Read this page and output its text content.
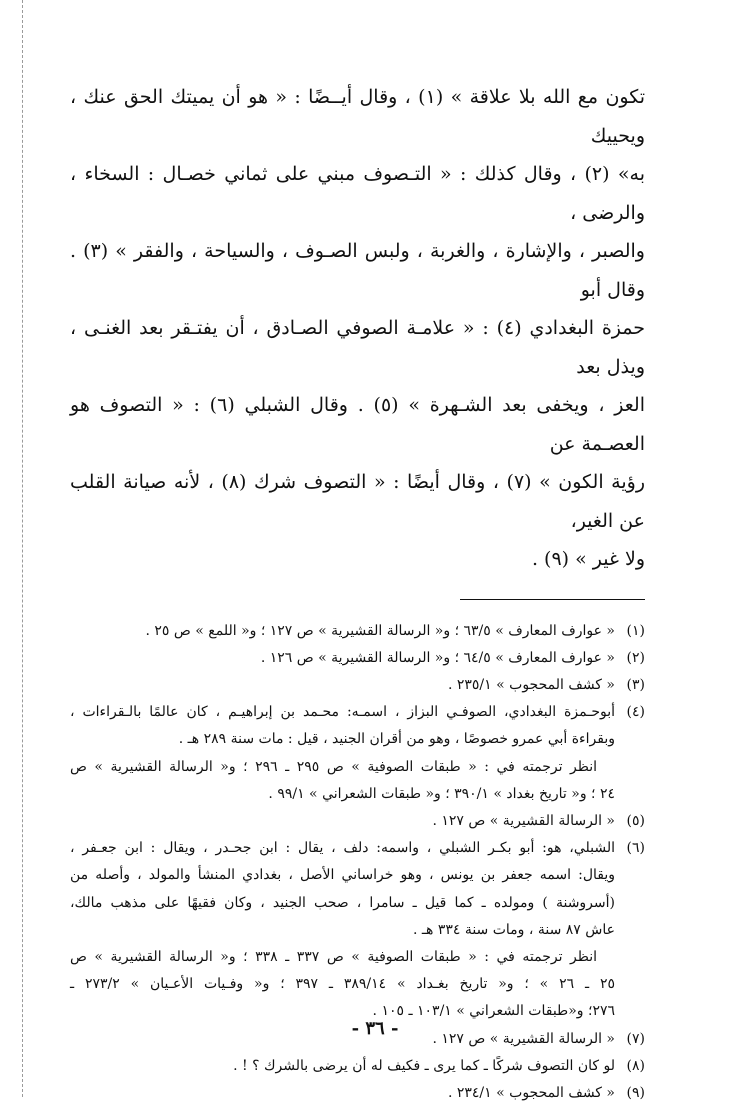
تكون مع الله بلا علاقة » (١) ، وقال أيــضًا : « هو أن يميتك الحق عنك ، ويحييك

به» (٢) ، وقال كذلك : « التـصوف مبني على ثماني خصـال : السخاء ، والرضى ،

والصبر ، والإشارة ، والغربة ، ولبس الصـوف ، والسياحة ، والفقر » (٣) . وقال أبو

حمزة البغدادي (٤) : « علامـة الصوفي الصـادق ، أن يفتـقر بعد الغنـى ، ويذل بعد

العز ، ويخفى بعد الشـهرة » (٥) . وقال الشبلي (٦) : « التصوف هو العصـمة عن

رؤية الكون » (٧) ، وقال أيضًا : « التصوف شرك (٨) ، لأنه صيانة القلب عن الغير،

ولا غير » (٩) .

(١)
« عوارف المعارف » ٦٣/٥ ؛ و« الرسالة القشيرية » ص ١٢٧ ؛ و« اللمع » ص ٢٥ .
(٢)
« عوارف المعارف » ٦٤/٥ ؛ و« الرسالة القشيرية » ص ١٢٦ .
(٣)
« كشف المحجوب » ٢٣٥/١ .
(٤)
أبوحـمزة البغدادي، الصوفـي البزاز ، اسمـه: محـمد بن إبراهيـم ، كان عالمًا بالـقراءات ،
وبقراءة أبي عمرو خصوصًا ، وهو من أقران الجنيد ، قيل : مات سنة ٢٨٩ هـ .
انظر ترجمته في : « طبقات الصوفية » ص ٢٩٥ ـ ٢٩٦ ؛ و« الرسالة القشيرية » ص
٢٤ ؛ و« تاريخ بغداد » ٣٩٠/١ ؛ و« طبقات الشعراني » ٩٩/١ .
(٥)
« الرسالة القشيرية » ص ١٢٧ .
(٦)
الشبلي، هو: أبو بكـر الشبلي ، واسمه: دلف ، يقال : ابن جحـدر ، ويقال : ابن جعـفر ،
ويقال: اسمه جعفر بن يونس ، وهو خراساني الأصل ، بغدادي المنشأ والمولد ، وأصله من
(أسروشنة ) ومولده ـ كما قيل ـ سامرا ، صحب الجنيد ، وكان فقيهًا على مذهب مالك،
عاش ٨٧ سنة ، ومات سنة ٣٣٤ هـ .
انظر ترجمته في : « طبقات الصوفية » ص ٣٣٧ ـ ٣٣٨ ؛ و« الرسالة القشيرية » ص
٢٥ ـ ٢٦ » ؛ و« تاريخ بغـداد » ٣٨٩/١٤ ـ ٣٩٧ ؛ و« وفـيات الأعـيان » ٢٧٣/٢ ـ
٢٧٦؛ و«طبقات الشعراني » ١٠٣/١ ـ ١٠٥ .
(٧)
« الرسالة القشيرية » ص ١٢٧ .
(٨)
لو كان التصوف شركًا ـ كما يرى ـ فكيف له أن يرضى بالشرك ؟ ! .
(٩)
« كشف المحجوب » ٢٣٤/١ .
- ٣٦ -
